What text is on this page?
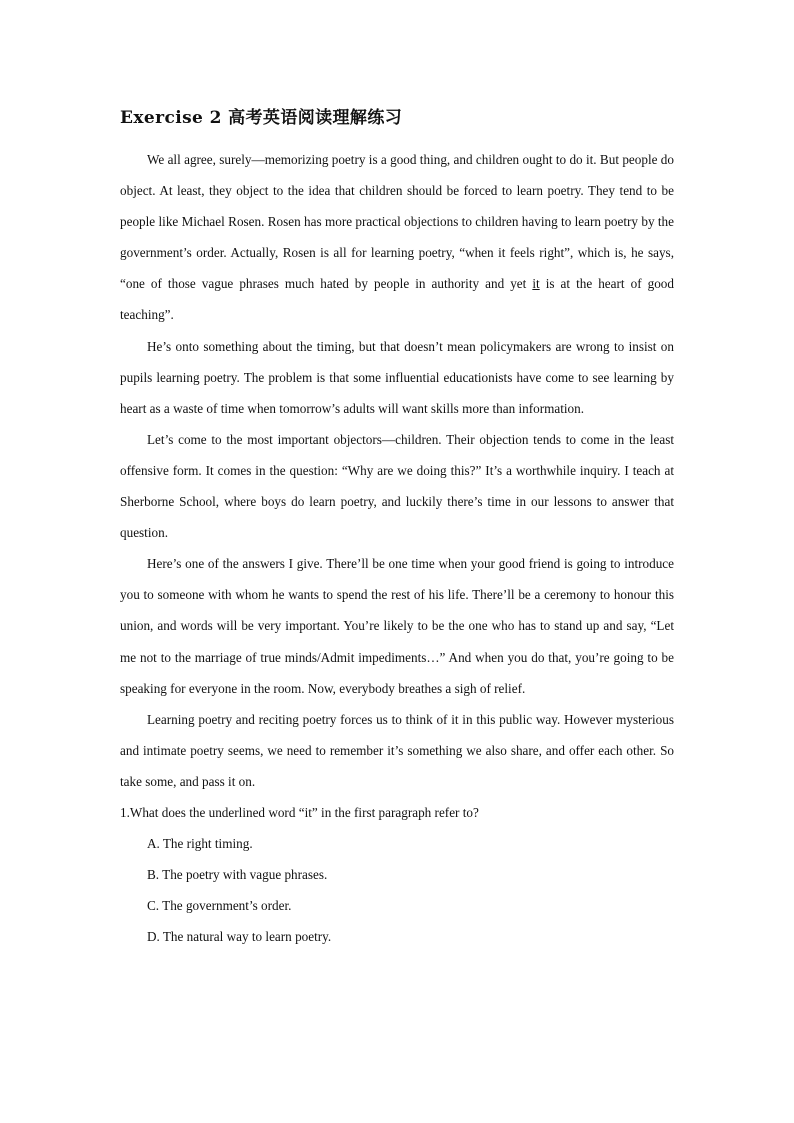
Exercise 2 高考英语阅读理解练习

We all agree, surely—memorizing poetry is a good thing, and children ought to do it. But people do object. At least, they object to the idea that children should be forced to learn poetry. They tend to be people like Michael Rosen. Rosen has more practical objections to children having to learn poetry by the government’s order. Actually, Rosen is all for learning poetry, “when it feels right”, which is, he says, “one of those vague phrases much hated by people in authority and yet it is at the heart of good teaching”.

He’s onto something about the timing, but that doesn’t mean policymakers are wrong to insist on pupils learning poetry. The problem is that some influential educationists have come to see learning by heart as a waste of time when tomorrow’s adults will want skills more than information.

Let’s come to the most important objectors—children. Their objection tends to come in the least offensive form. It comes in the question: “Why are we doing this?” It’s a worthwhile inquiry. I teach at Sherborne School, where boys do learn poetry, and luckily there’s time in our lessons to answer that question.

Here’s one of the answers I give. There’ll be one time when your good friend is going to introduce you to someone with whom he wants to spend the rest of his life. There’ll be a ceremony to honour this union, and words will be very important. You’re likely to be the one who has to stand up and say, “Let me not to the marriage of true minds/Admit impediments…” And when you do that, you’re going to be speaking for everyone in the room. Now, everybody breathes a sigh of relief.

Learning poetry and reciting poetry forces us to think of it in this public way. However mysterious and intimate poetry seems, we need to remember it’s something we also share, and offer each other. So take some, and pass it on.

1.What does the underlined word “it” in the first paragraph refer to?

A. The right timing.

B. The poetry with vague phrases.

C. The government’s order.

D. The natural way to learn poetry.
